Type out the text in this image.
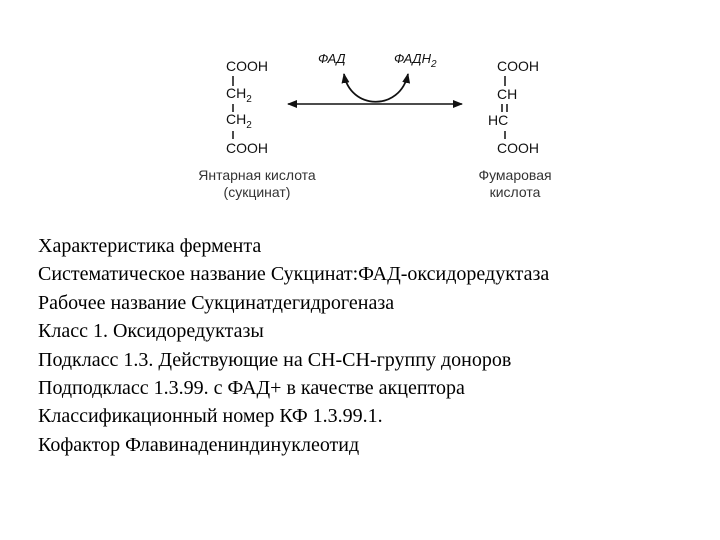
COOH
$CH_2$
$CH_2$
COOH
COOH
CH
HC
COOH
ФАД	$ФАДН_2$
Янтарная кислота
(сукцинат)
Фумаровая
кислота
Характеристика фермента
Систематическое название Сукцинат:ФАД-оксидоредуктаза
Рабочее название Сукцинатдегидрогеназа
Класс 1. Оксидоредуктазы
Подкласс 1.3. Действующие на CH-CH-группу доноров
Подподкласс 1.3.99. с ФАД+ в качестве акцептора
Классификационный номер КФ 1.3.99.1.
Кофактор Флавинадениндинуклеотид
